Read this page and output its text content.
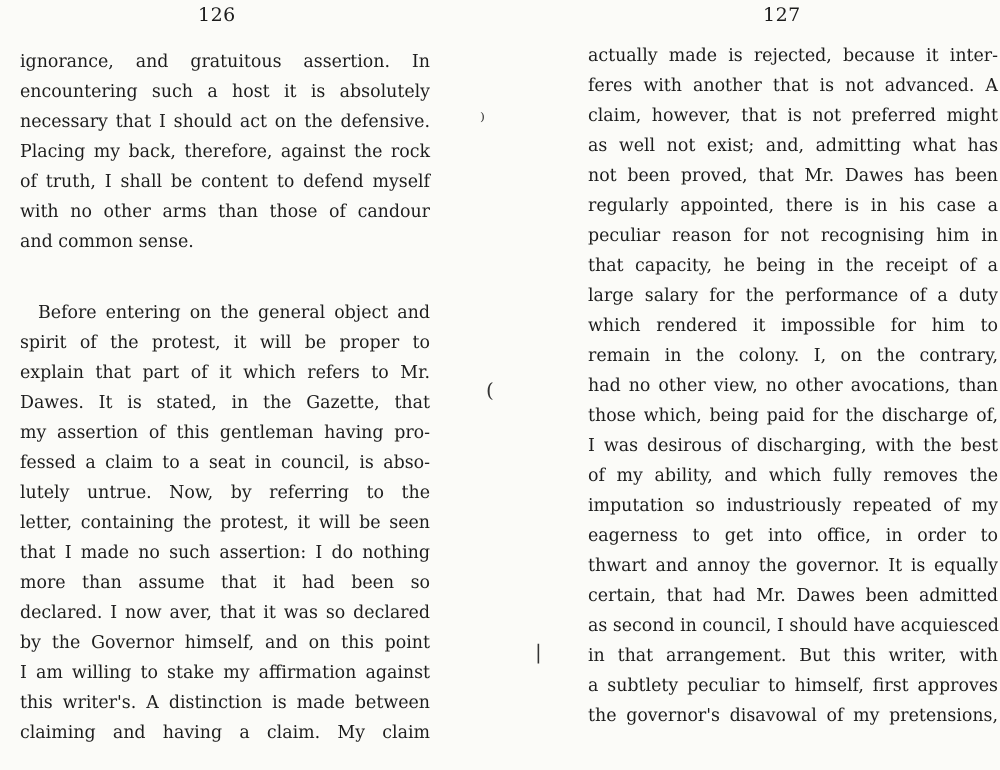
126
ignorance, and gratuitous assertion. In
encountering such a host it is absolutely
necessary that I should act on the defensive.
Placing my back, therefore, against the rock
of truth, I shall be content to defend myself
with no other arms than those of candour
and common sense.
Before entering on the general object and
spirit of the protest, it will be proper to
explain that part of it which refers to Mr.
Dawes. It is stated, in the Gazette, that
my assertion of this gentleman having pro-
fessed a claim to a seat in council, is abso-
lutely untrue. Now, by referring to the
letter, containing the protest, it will be seen
that I made no such assertion: I do nothing
more than assume that it had been so
declared. I now aver, that it was so declared
by the Governor himself, and on this point
I am willing to stake my affirmation against
this writer's. A distinction is made between
claiming and having a claim. My claim
⁾
(
|
127
actually made is rejected, because it inter-
feres with another that is not advanced. A
claim, however, that is not preferred might
as well not exist; and, admitting what has
not been proved, that Mr. Dawes has been
regularly appointed, there is in his case a
peculiar reason for not recognising him in
that capacity, he being in the receipt of a
large salary for the performance of a duty
which rendered it impossible for him to
remain in the colony. I, on the contrary,
had no other view, no other avocations, than
those which, being paid for the discharge of,
I was desirous of discharging, with the best
of my ability, and which fully removes the
imputation so industriously repeated of my
eagerness to get into office, in order to
thwart and annoy the governor. It is equally
certain, that had Mr. Dawes been admitted
as second in council, I should have acquiesced
in that arrangement. But this writer, with
a subtlety peculiar to himself, first approves
the governor's disavowal of my pretensions,
